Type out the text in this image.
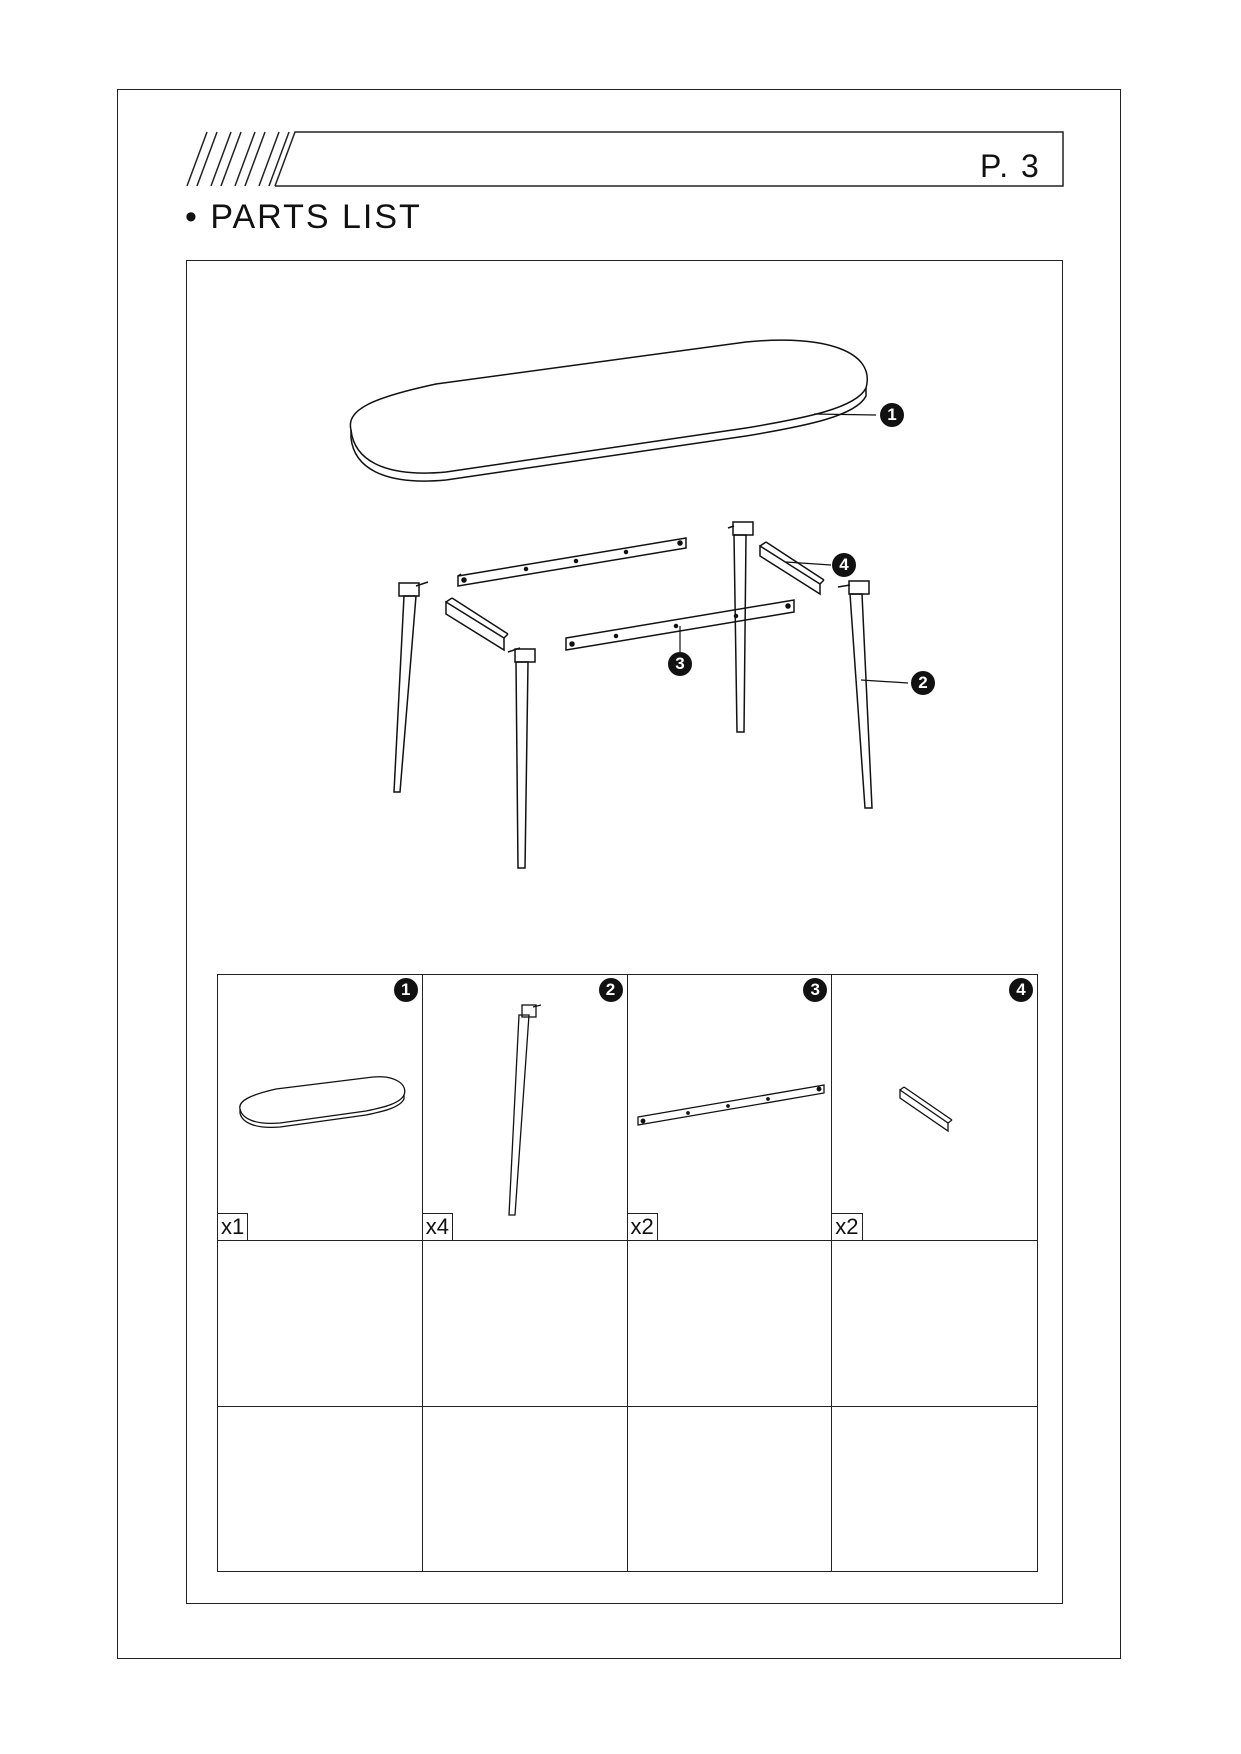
P. 3
• PARTS LIST
1
2
3
4
1
x1
2
x4
3
x2
4
x2
